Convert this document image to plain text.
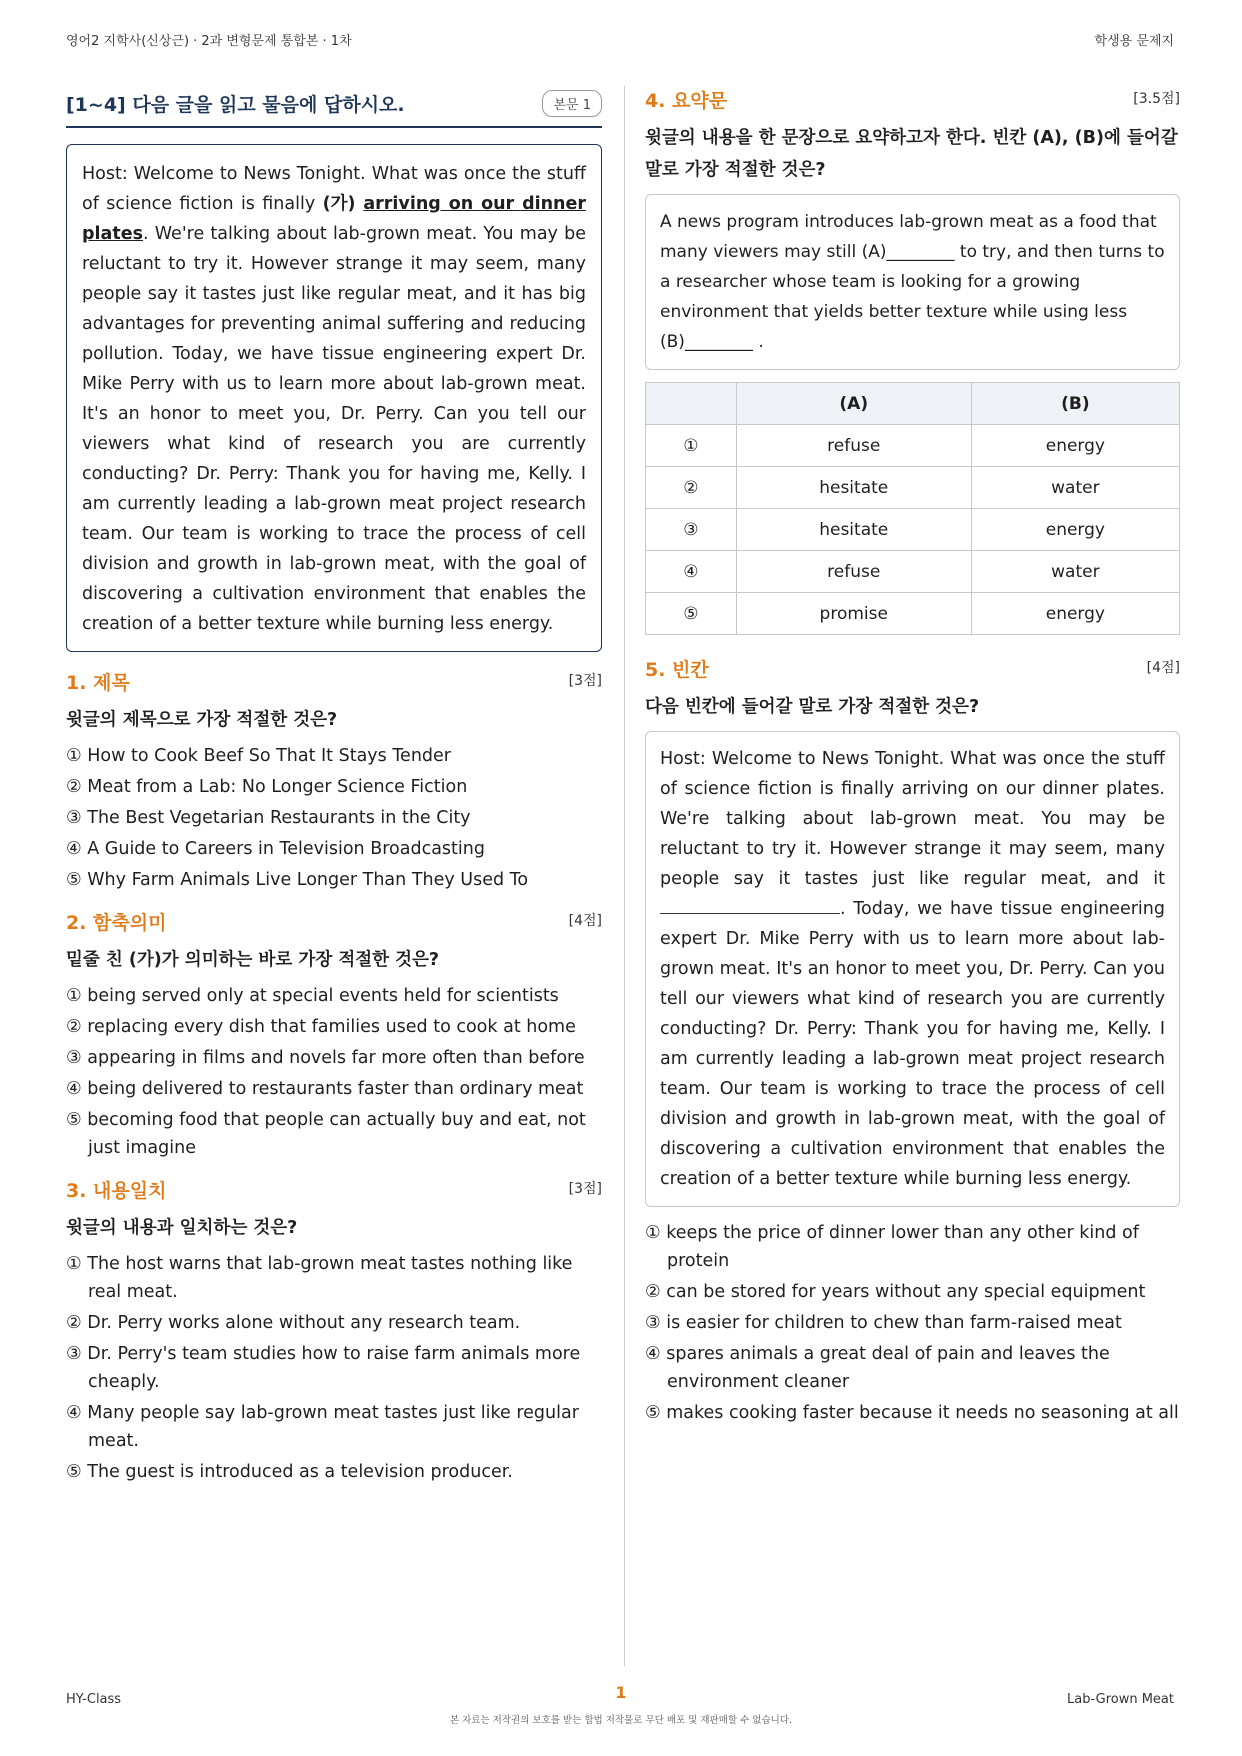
영어2 지학사(신상근) · 2과 변형문제 통합본 · 1차	학생용 문제지
[1~4] 다음 글을 읽고 물음에 답하시오.	본문 1
Host: Welcome to News Tonight. What was once the stuff of science fiction is finally (가) arriving on our dinner plates. We're talking about lab-grown meat. You may be reluctant to try it. However strange it may seem, many people say it tastes just like regular meat, and it has big advantages for preventing animal suffering and reducing pollution. Today, we have tissue engineering expert Dr. Mike Perry with us to learn more about lab-grown meat. It's an honor to meet you, Dr. Perry. Can you tell our viewers what kind of research you are currently conducting? Dr. Perry: Thank you for having me, Kelly. I am currently leading a lab-grown meat project research team. Our team is working to trace the process of cell division and growth in lab-grown meat, with the goal of discovering a cultivation environment that enables the creation of a better texture while burning less energy.
1. 제목	[3점]
윗글의 제목으로 가장 적절한 것은?
① How to Cook Beef So That It Stays Tender
② Meat from a Lab: No Longer Science Fiction
③ The Best Vegetarian Restaurants in the City
④ A Guide to Careers in Television Broadcasting
⑤ Why Farm Animals Live Longer Than They Used To
2. 함축의미	[4점]
밑줄 친 (가)가 의미하는 바로 가장 적절한 것은?
① being served only at special events held for scientists
② replacing every dish that families used to cook at home
③ appearing in films and novels far more often than before
④ being delivered to restaurants faster than ordinary meat
⑤ becoming food that people can actually buy and eat, not just imagine
3. 내용일치	[3점]
윗글의 내용과 일치하는 것은?
① The host warns that lab-grown meat tastes nothing like real meat.
② Dr. Perry works alone without any research team.
③ Dr. Perry's team studies how to raise farm animals more cheaply.
④ Many people say lab-grown meat tastes just like regular meat.
⑤ The guest is introduced as a television producer.
4. 요약문	[3.5점]
윗글의 내용을 한 문장으로 요약하고자 한다. 빈칸 (A), (B)에 들어갈 말로 가장 적절한 것은?
A news program introduces lab-grown meat as a food that many viewers may still (A)________ to try, and then turns to a researcher whose team is looking for a growing environment that yields better texture while using less (B)________ .
	(A)	(B)
①	refuse	energy
②	hesitate	water
③	hesitate	energy
④	refuse	water
⑤	promise	energy
5. 빈칸	[4점]
다음 빈칸에 들어갈 말로 가장 적절한 것은?
Host: Welcome to News Tonight. What was once the stuff of science fiction is finally arriving on our dinner plates. We're talking about lab-grown meat. You may be reluctant to try it. However strange it may seem, many people say it tastes just like regular meat, and it . Today, we have tissue engineering expert Dr. Mike Perry with us to learn more about lab-grown meat. It's an honor to meet you, Dr. Perry. Can you tell our viewers what kind of research you are currently conducting? Dr. Perry: Thank you for having me, Kelly. I am currently leading a lab-grown meat project research team. Our team is working to trace the process of cell division and growth in lab-grown meat, with the goal of discovering a cultivation environment that enables the creation of a better texture while burning less energy.
① keeps the price of dinner lower than any other kind of protein
② can be stored for years without any special equipment
③ is easier for children to chew than farm-raised meat
④ spares animals a great deal of pain and leaves the environment cleaner
⑤ makes cooking faster because it needs no seasoning at all
HY-Class	1	Lab-Grown Meat
본 자료는 저작권의 보호를 받는 합법 저작물로 무단 배포 및 재판매할 수 없습니다.
